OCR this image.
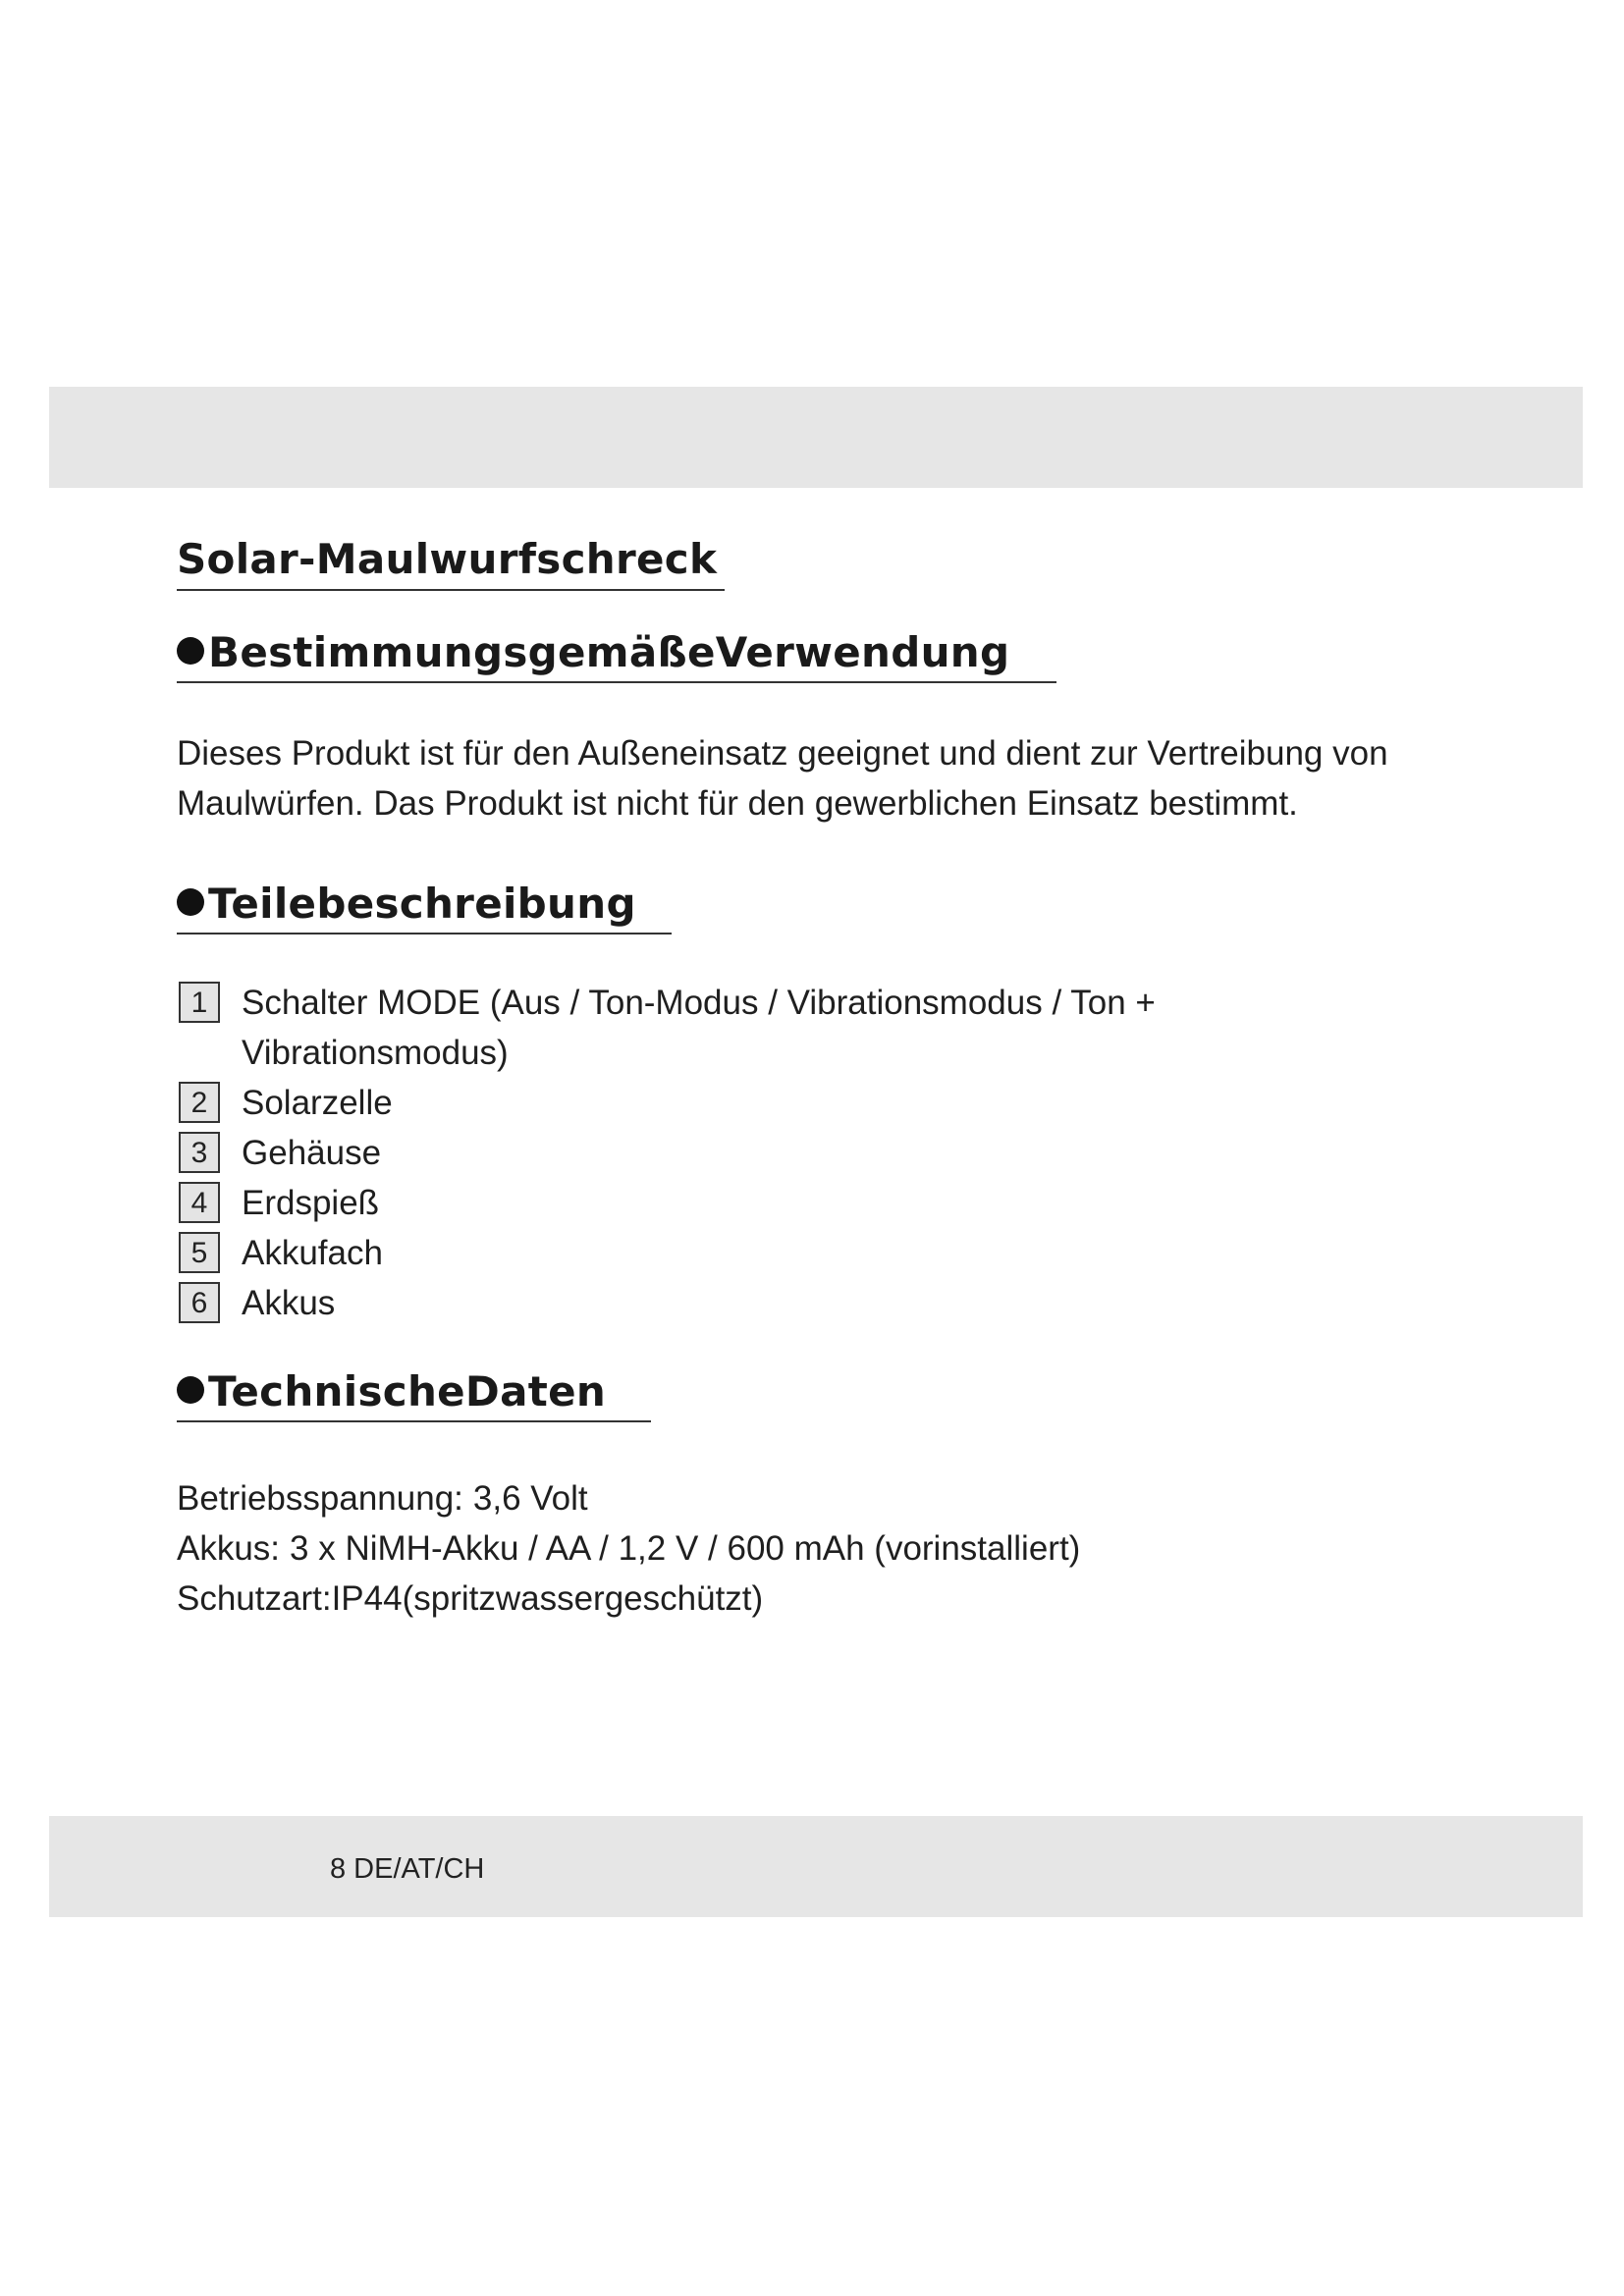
Solar-Maulwurfschreck
BestimmungsgemäßeVerwendung

Dieses Produkt ist für den Außeneinsatz geeignet und dient zur Vertreibung von Maulwürfen. Das Produkt ist nicht für den gewerblichen Einsatz bestimmt.

Teilebeschreibung
1 Schalter MODE (Aus / Ton-Modus / Vibrationsmodus / Ton + Vibrationsmodus)
2 Solarzelle
3 Gehäuse
4 Erdspieß
5 Akkufach
6 Akkus
TechnischeDaten
Betriebsspannung: 3,6 Volt
Akkus: 3 x NiMH-Akku / AA / 1,2 V / 600 mAh (vorinstalliert)
Schutzart:IP44(spritzwassergeschützt)
8 DE/AT/CH
